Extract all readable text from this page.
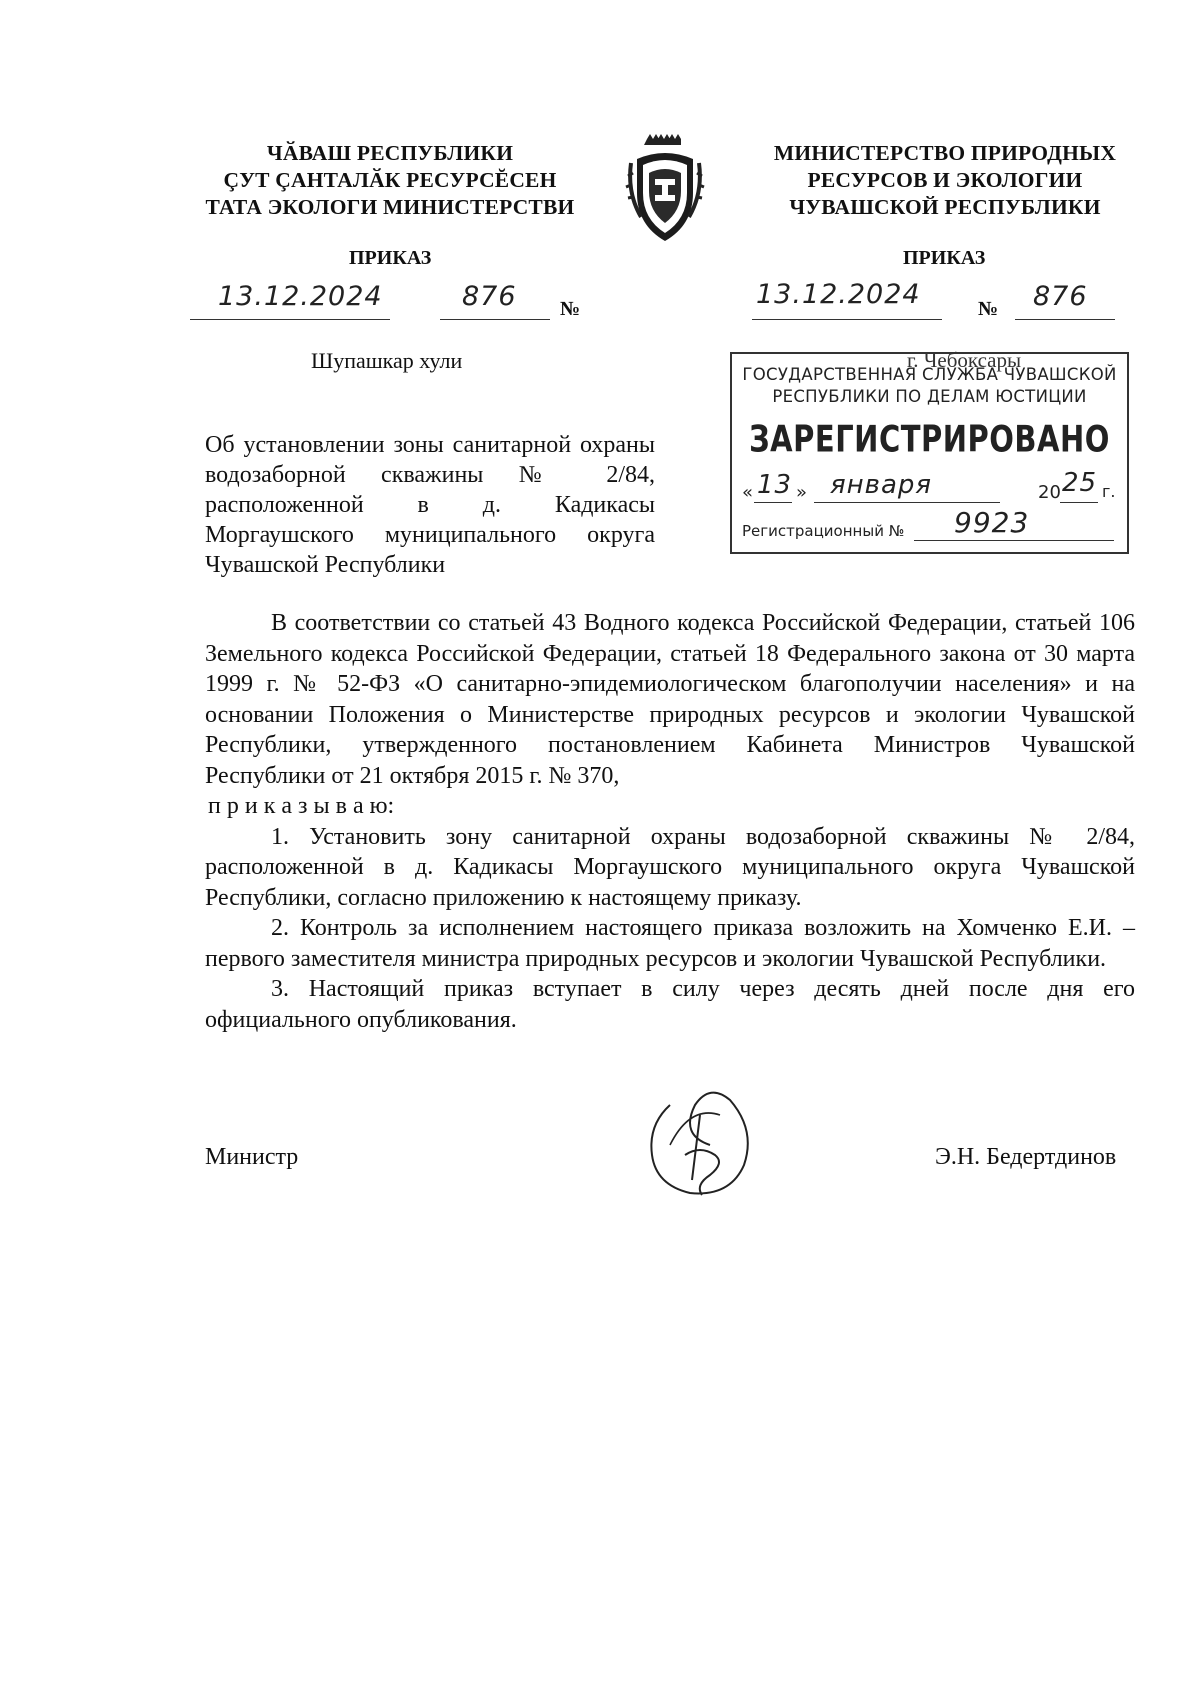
ЧӐВАШ РЕСПУБЛИКИ
ÇУТ ÇАНТАЛӐК РЕСУРСĔСЕН
ТАТА ЭКОЛОГИ МИНИСТЕРСТВИ
МИНИСТЕРСТВО ПРИРОДНЫХ
РЕСУРСОВ И ЭКОЛОГИИ
ЧУВАШСКОЙ РЕСПУБЛИКИ
ПРИКАЗ	ПРИКАЗ
13.12.2024	876 №	13.12.2024	№ 876
Шупашкар хули	г. Чебоксары
ГОСУДАРСТВЕННАЯ СЛУЖБА ЧУВАШСКОЙ
РЕСПУБЛИКИ ПО ДЕЛАМ ЮСТИЦИИ
ЗАРЕГИСТРИРОВАНО
« 13 » января	20 25 г.
Регистрационный № 9923
Об установлении зоны санитарной охраны водозаборной скважины № 2/84, расположенной в д. Кадикасы Моргаушского муниципального округа Чувашской Республики

В соответствии со статьей 43 Водного кодекса Российской Федерации, статьей 106 Земельного кодекса Российской Федерации, статьей 18 Федерального закона от 30 марта 1999 г. № 52-ФЗ «О санитарно-эпидемиологическом благополучии населения» и на основании Положения о Министерстве природных ресурсов и экологии Чувашской Республики, утвержденного постановлением Кабинета Министров Чувашской Республики от 21 октября 2015 г. № 370,

п р и к а з ы в а ю:

1. Установить зону санитарной охраны водозаборной скважины № 2/84, расположенной в д. Кадикасы Моргаушского муниципального округа Чувашской Республики, согласно приложению к настоящему приказу.

2. Контроль за исполнением настоящего приказа возложить на Хомченко Е.И. – первого заместителя министра природных ресурсов и экологии Чувашской Республики.

3. Настоящий приказ вступает в силу через десять дней после дня его официального опубликования.

Министр	Э.Н. Бедертдинов
